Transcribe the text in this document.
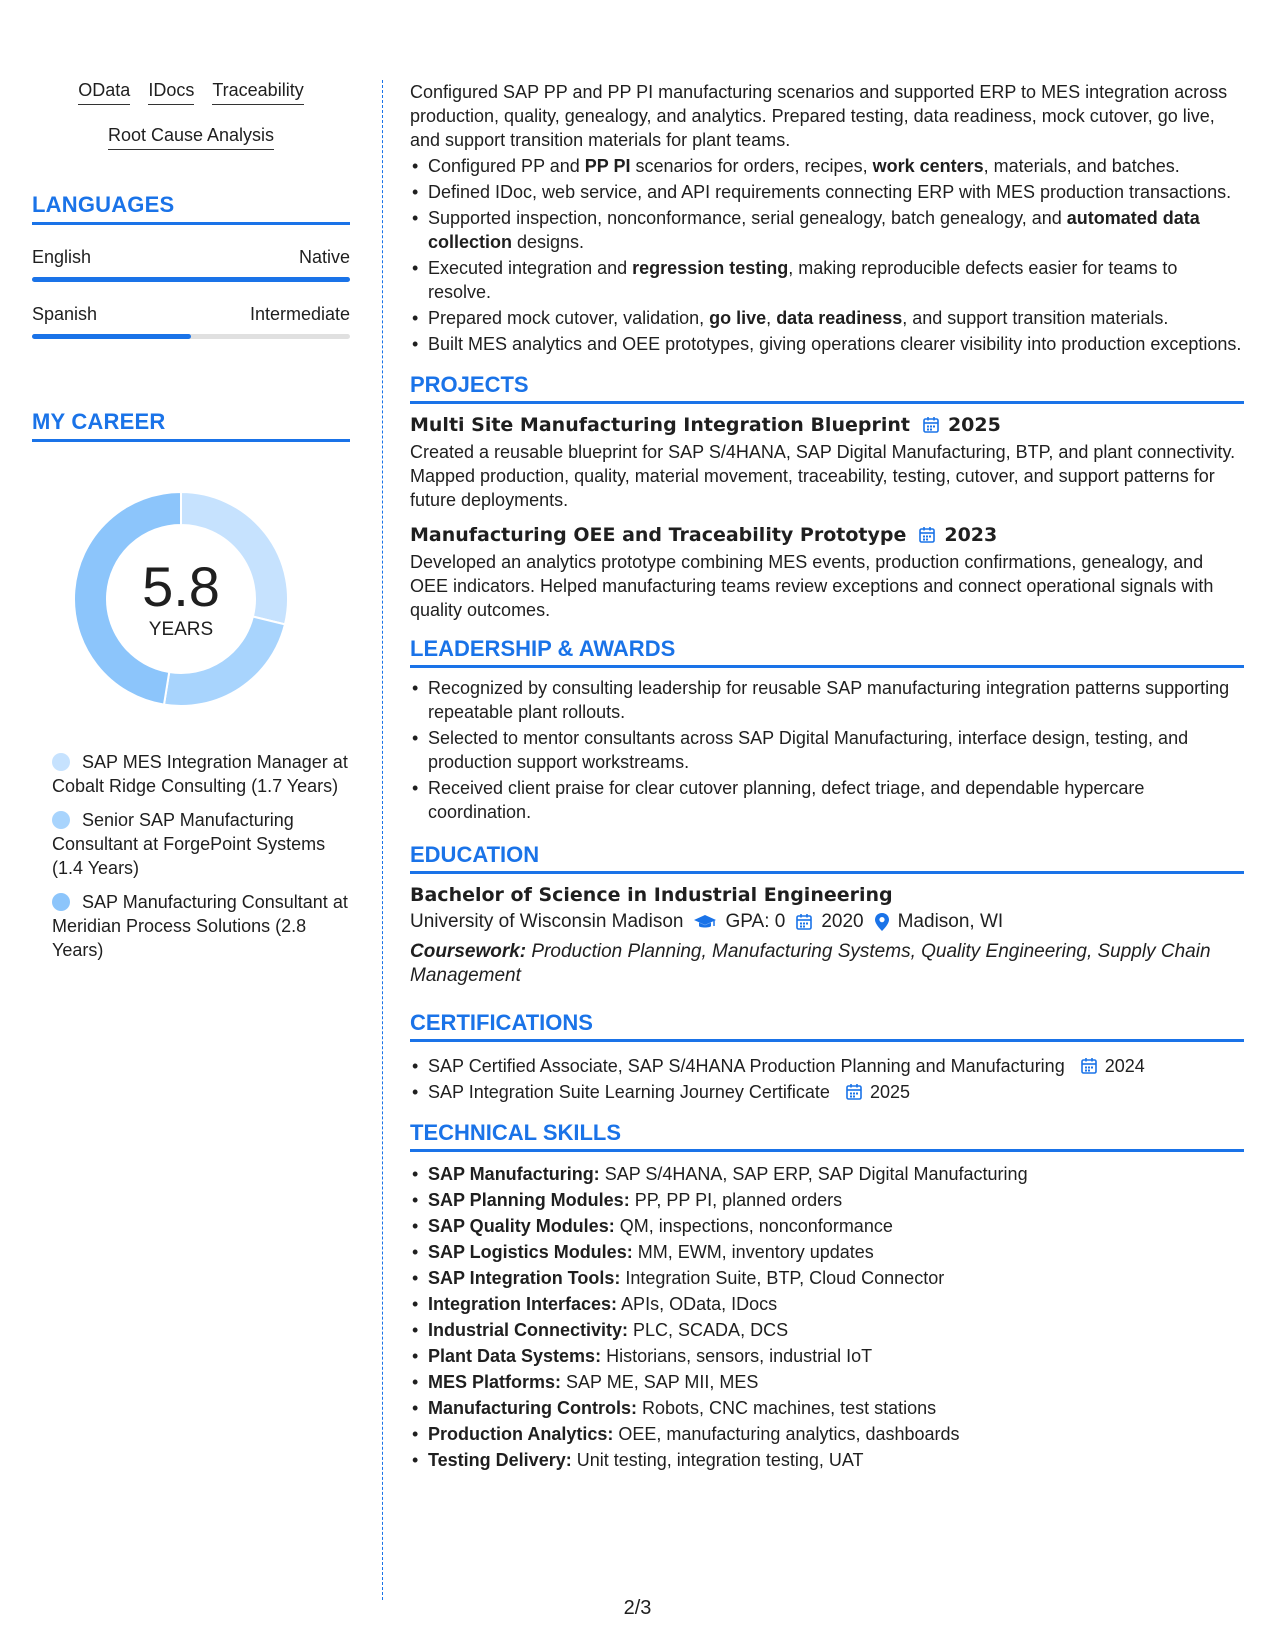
OData IDocs Traceability
Root Cause Analysis
LANGUAGES
English	Native
Spanish	Intermediate
MY CAREER
5.8
YEARS
SAP MES Integration Manager at Cobalt Ridge Consulting (1.7 Years)
Senior SAP Manufacturing Consultant at ForgePoint Systems (1.4 Years)
SAP Manufacturing Consultant at Meridian Process Solutions (2.8 Years)

Configured SAP PP and PP PI manufacturing scenarios and supported ERP to MES integration across production, quality, genealogy, and analytics. Prepared testing, data readiness, mock cutover, go live, and support transition materials for plant teams.

• Configured PP and PP PI scenarios for orders, recipes, work centers, materials, and batches.
• Defined IDoc, web service, and API requirements connecting ERP with MES production transactions.
• Supported inspection, nonconformance, serial genealogy, batch genealogy, and automated data collection designs.
• Executed integration and regression testing, making reproducible defects easier for teams to resolve.
• Prepared mock cutover, validation, go live, data readiness, and support transition materials.
• Built MES analytics and OEE prototypes, giving operations clearer visibility into production exceptions.
PROJECTS
Multi Site Manufacturing Integration Blueprint 2025

Created a reusable blueprint for SAP S/4HANA, SAP Digital Manufacturing, BTP, and plant connectivity. Mapped production, quality, material movement, traceability, testing, cutover, and support patterns for future deployments.

Manufacturing OEE and Traceability Prototype 2023

Developed an analytics prototype combining MES events, production confirmations, genealogy, and OEE indicators. Helped manufacturing teams review exceptions and connect operational signals with quality outcomes.

LEADERSHIP & AWARDS
• Recognized by consulting leadership for reusable SAP manufacturing integration patterns supporting repeatable plant rollouts.
• Selected to mentor consultants across SAP Digital Manufacturing, interface design, testing, and production support workstreams.
• Received client praise for clear cutover planning, defect triage, and dependable hypercare coordination.
EDUCATION
Bachelor of Science in Industrial Engineering
University of Wisconsin Madison GPA: 0 2020 Madison, WI
Coursework: Production Planning, Manufacturing Systems, Quality Engineering, Supply Chain Management
CERTIFICATIONS
• SAP Certified Associate, SAP S/4HANA Production Planning and Manufacturing 2024
• SAP Integration Suite Learning Journey Certificate 2025
TECHNICAL SKILLS
• SAP Manufacturing: SAP S/4HANA, SAP ERP, SAP Digital Manufacturing
• SAP Planning Modules: PP, PP PI, planned orders
• SAP Quality Modules: QM, inspections, nonconformance
• SAP Logistics Modules: MM, EWM, inventory updates
• SAP Integration Tools: Integration Suite, BTP, Cloud Connector
• Integration Interfaces: APIs, OData, IDocs
• Industrial Connectivity: PLC, SCADA, DCS
• Plant Data Systems: Historians, sensors, industrial IoT
• MES Platforms: SAP ME, SAP MII, MES
• Manufacturing Controls: Robots, CNC machines, test stations
• Production Analytics: OEE, manufacturing analytics, dashboards
• Testing Delivery: Unit testing, integration testing, UAT
2/3
